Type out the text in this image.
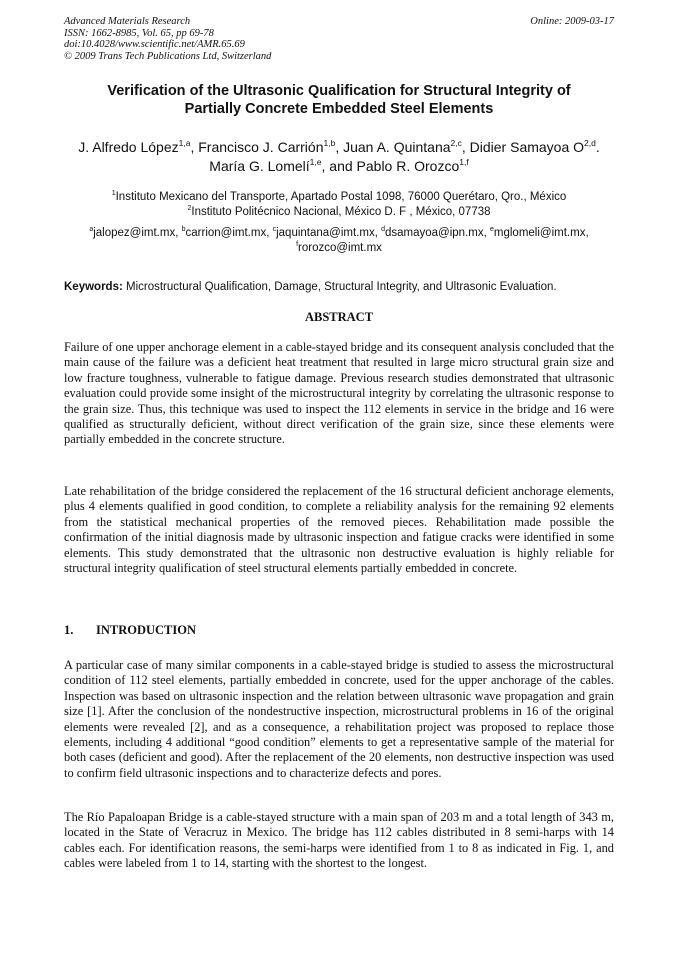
Advanced Materials Research
ISSN: 1662-8985, Vol. 65, pp 69-78
doi:10.4028/www.scientific.net/AMR.65.69
© 2009 Trans Tech Publications Ltd, Switzerland
Online: 2009-03-17
Verification of the Ultrasonic Qualification for Structural Integrity of
Partially Concrete Embedded Steel Elements
J. Alfredo López$^{1,a}$, Francisco J. Carrión$^{1,b}$, Juan A. Quintana$^{2,c}$, Didier Samayoa O$^{2,d}$. María G. Lomelí$^{1,e}$, and Pablo R. Orozco$^{1,f}$
$^1$Instituto Mexicano del Transporte, Apartado Postal 1098, 76000 Querétaro, Qro., México
$^2$Instituto Politécnico Nacional, México D. F , México, 07738
$^a$jalopez@imt.mx, $^b$carrion@imt.mx, $^c$jaquintana@imt.mx, $^d$dsamayoa@ipn.mx, $^e$mglomeli@imt.mx,
$^f$rorozco@imt.mx
Keywords: Microstructural Qualification, Damage, Structural Integrity, and Ultrasonic Evaluation.
ABSTRACT
Failure of one upper anchorage element in a cable-stayed bridge and its consequent analysis concluded that the main cause of the failure was a deficient heat treatment that resulted in large micro structural grain size and low fracture toughness, vulnerable to fatigue damage. Previous research studies demonstrated that ultrasonic evaluation could provide some insight of the microstructural integrity by correlating the ultrasonic response to the grain size. Thus, this technique was used to inspect the 112 elements in service in the bridge and 16 were qualified as structurally deficient, without direct verification of the grain size, since these elements were partially embedded in the concrete structure.
Late rehabilitation of the bridge considered the replacement of the 16 structural deficient anchorage elements, plus 4 elements qualified in good condition, to complete a reliability analysis for the remaining 92 elements from the statistical mechanical properties of the removed pieces. Rehabilitation made possible the confirmation of the initial diagnosis made by ultrasonic inspection and fatigue cracks were identified in some elements. This study demonstrated that the ultrasonic non destructive evaluation is highly reliable for structural integrity qualification of steel structural elements partially embedded in concrete.
1. INTRODUCTION
A particular case of many similar components in a cable-stayed bridge is studied to assess the microstructural condition of 112 steel elements, partially embedded in concrete, used for the upper anchorage of the cables. Inspection was based on ultrasonic inspection and the relation between ultrasonic wave propagation and grain size [1]. After the conclusion of the nondestructive inspection, microstructural problems in 16 of the original elements were revealed [2], and as a consequence, a rehabilitation project was proposed to replace those elements, including 4 additional “good condition” elements to get a representative sample of the material for both cases (deficient and good). After the replacement of the 20 elements, non destructive inspection was used to confirm field ultrasonic inspections and to characterize defects and pores.
The Río Papaloapan Bridge is a cable-stayed structure with a main span of 203 m and a total length of 343 m, located in the State of Veracruz in Mexico. The bridge has 112 cables distributed in 8 semi-harps with 14 cables each. For identification reasons, the semi-harps were identified from 1 to 8 as indicated in Fig. 1, and cables were labeled from 1 to 14, starting with the shortest to the longest.
